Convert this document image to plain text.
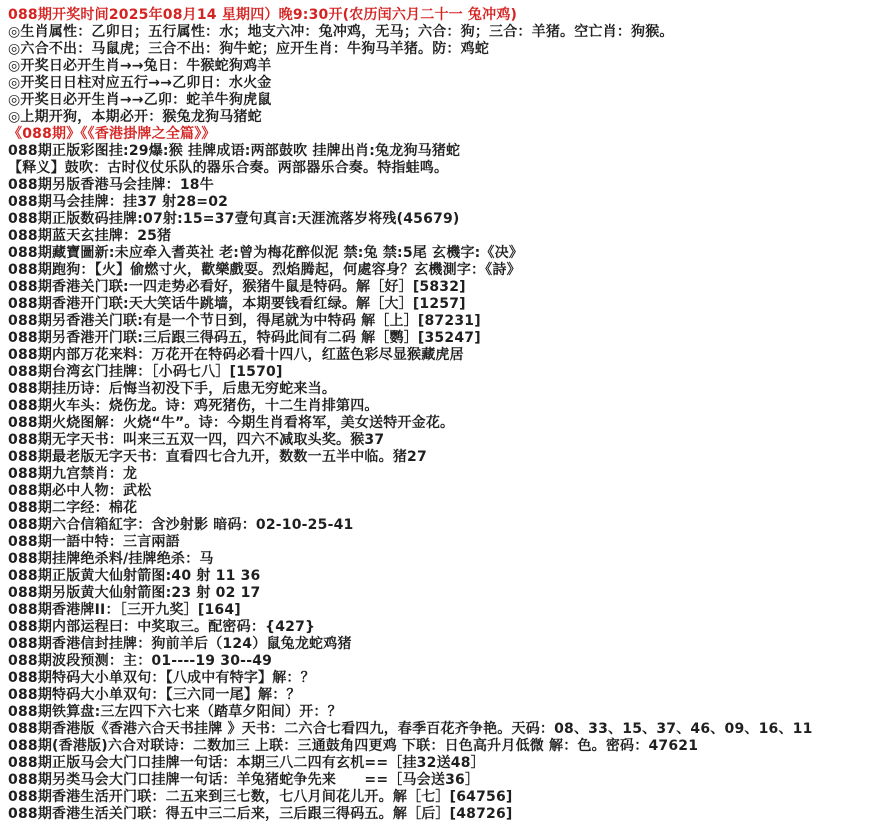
088期开奖时间2025年08月14 星期四）晚9:30开(农历闰六月二十一 兔冲鸡)
◎生肖属性：乙卯日；五行属性：水；地支六冲：兔冲鸡，无马；六合：狗；三合：羊猪。空亡肖：狗猴。
◎六合不出：马鼠虎；三合不出：狗牛蛇；应开生肖：牛狗马羊猪。防：鸡蛇
◎开奖日必开生肖→→兔日：牛猴蛇狗鸡羊
◎开奖日日柱对应五行→→乙卯日：水火金
◎开奖日必开生肖→→乙卯：蛇羊牛狗虎鼠
◎上期开狗，本期必开：猴兔龙狗马猪蛇
《088期》《《香港掛牌之全篇》》
088期正版彩图挂:29爆:猴 挂牌成语:两部鼓吹 挂牌出肖:兔龙狗马猪蛇
【释义】鼓吹：古时仪仗乐队的器乐合奏。两部器乐合奏。特指蛙鸣。
088期另版香港马会挂牌：18牛
088期马会挂牌：挂37 射28=02
088期正版数码挂牌:07射:15=37壹句真言:天涯流落岁将残(45679)
088期蓝天玄挂牌：25猪
088期藏寶圖新:未应牵入耆英社 老:曾为梅花醉似泥 禁:兔 禁:5尾 玄機字:《决》
088期跑狗：【火】偷燃寸火，歡樂戲耍。烈焰腾起，何處容身？玄機測字：《詩》
088期香港关门联:一四走势必看好，猴猪牛鼠是特码。解［好］[5832]
088期香港开门联:天大笑话牛跳墙，本期要钱看红绿。解［大］[1257]
088期另香港关门联:有是一个节日到，得尾就为中特码 解［上］[87231]
088期另香港开门联:三后跟三得码五，特码此间有二码 解［鹦］[35247]
088期内部万花来料：万花开在特码必看十四八，红蓝色彩尽显猴藏虎居
088期台湾玄门挂牌：［小码七八］[1570]
088期挂历诗：后悔当初没下手，后患无穷蛇来当。
088期火车头：烧伤龙。诗：鸡死猪伤，十二生肖排第四。
088期火烧图解：火烧“牛”。诗：今期生肖看将军，美女送特开金花。
088期无字天书：叫来三五双一四，四六不减取头奖。猴37
088期最老版无字天书：直看四七合九开，数数一五半中临。猪27
088期九宫禁肖：龙
088期必中人物：武松
088期二字经：棉花
088期六合信箱紅字：含沙射影 暗码：02-10-25-41
088期一語中特：三言兩語
088期挂牌绝杀料/挂牌绝杀：马
088期正版黄大仙射箭图:40 射 11 36
088期另版黄大仙射箭图:23 射 02 17
088期香港牌II：［三开九奖］[164]
088期内部运程曰：中奖取三。配密码：{427}
088期香港信封挂牌：狗前羊后（124）鼠兔龙蛇鸡猪
088期波段预测：主：01----19 30--49
088期特码大小单双句：【八成中有特字】解：？
088期特码大小单双句：【三六同一尾】解：？
088期铁算盘:三左四下六七来（踏草夕阳间）开：？
088期香港版《香港六合天书挂牌 》天书：二六合七看四九，春季百花齐争艳。天码：08、33、15、37、46、09、16、11
088期(香港版)六合对联诗：二数加三 上联：三通鼓角四更鸡 下联：日色高升月低微 解：色。密码：47621
088期正版马会大门口挂牌一句话：本期三八二四有玄机==［挂32送48］
088期另类马会大门口挂牌一句话：羊兔猪蛇争先来　　==［马会送36］
088期香港生活开门联：二五来到三七数，七八月间花儿开。解［七］[64756]
088期香港生活关门联：得五中三二后来，三后跟三得码五。解［后］[48726]
